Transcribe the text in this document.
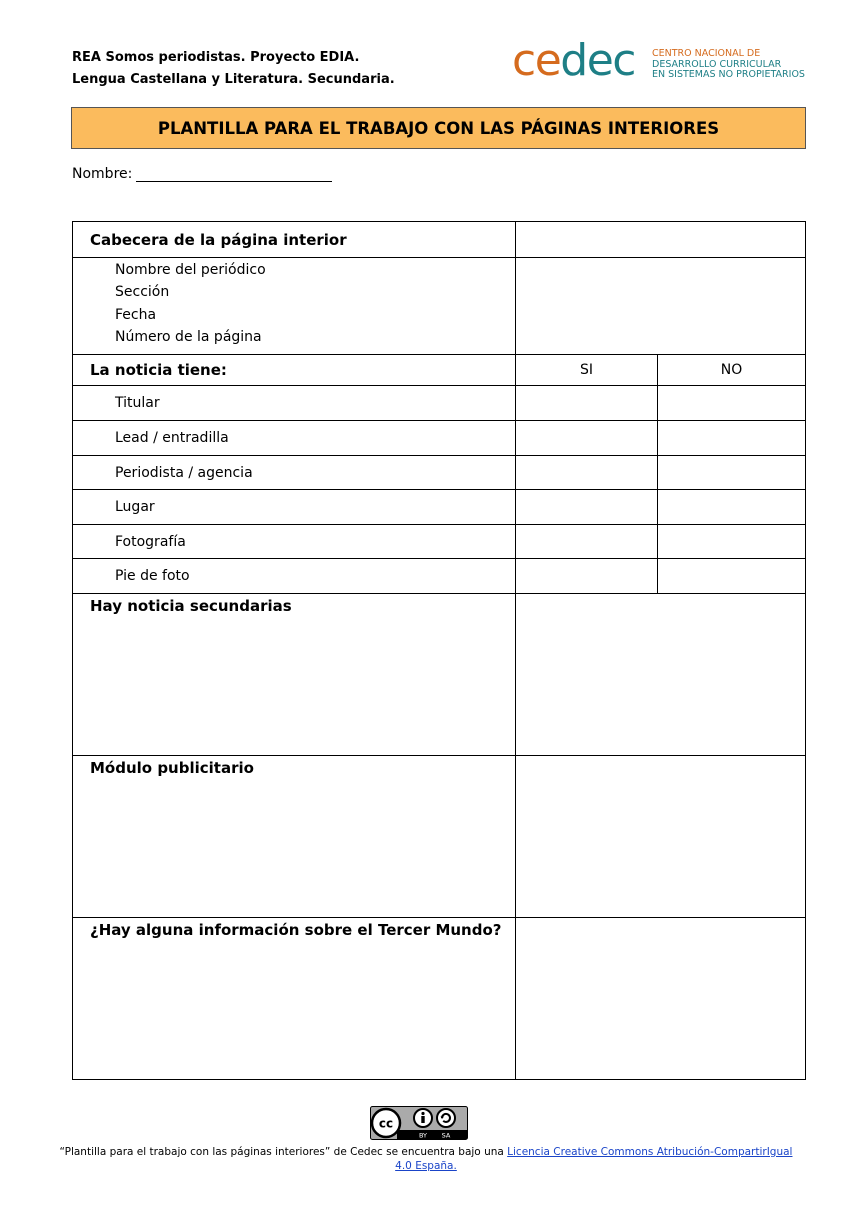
REA Somos periodistas. Proyecto EDIA.
Lengua Castellana y Literatura. Secundaria.	cedec CENTRO NACIONAL DE
DESARROLLO CURRICULAR
EN SISTEMAS NO PROPIETARIOS
PLANTILLA PARA EL TRABAJO CON LAS PÁGINAS INTERIORES
Nombre:
Cabecera de la página interior		

Nombre del periódico
Sección
Fecha
Número de la página		

La noticia tiene:	SI	NO
Titular		
Lead / entradilla		
Periodista / agencia		
Lugar		
Fotografía		
Pie de foto		
Hay noticia secundarias		
Módulo publicitario		
¿Hay alguna información sobre el Tercer Mundo?		
cc
BY SA
“Plantilla para el trabajo con las páginas interiores” de Cedec se encuentra bajo una Licencia Creative Commons Atribución-CompartirIgual 4.0 España.
